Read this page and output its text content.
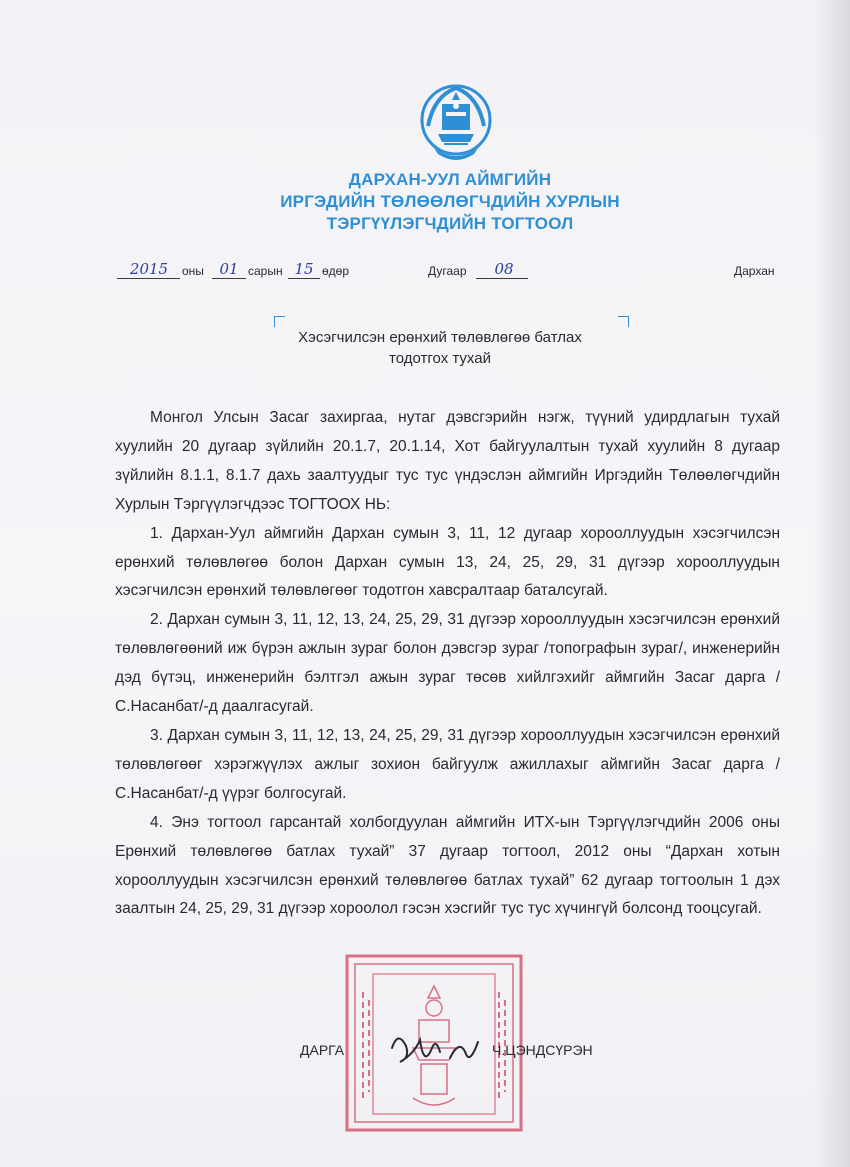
ДАРХАН-УУЛ АЙМГИЙН
ИРГЭДИЙН ТӨЛӨӨЛӨГЧДИЙН ХУРЛЫН
ТЭРГҮҮЛЭГЧДИЙН ТОГТООЛ
2015	оны	01 сарын 15 өдөр	Дугаар	08	Дархан
Хэсэгчилсэн ерөнхий төлөвлөгөө батлах
тодотгох тухай

Монгол Улсын Засаг захиргаа, нутаг дэвсгэрийн нэгж, түүний удирдлагын тухай хуулийн 20 дугаар зүйлийн 20.1.7, 20.1.14, Хот байгуулалтын тухай хуулийн 8 дугаар зүйлийн 8.1.1, 8.1.7 дахь заалтуудыг тус тус үндэслэн аймгийн Иргэдийн Төлөөлөгчдийн Хурлын Тэргүүлэгчдээс ТОГТООХ НЬ:

1. Дархан-Уул аймгийн Дархан сумын 3, 11, 12 дугаар хорооллуудын хэсэгчилсэн ерөнхий төлөвлөгөө болон Дархан сумын 13, 24, 25, 29, 31 дүгээр хорооллуудын хэсэгчилсэн ерөнхий төлөвлөгөөг тодотгон хавсралтаар баталсугай.

2. Дархан сумын 3, 11, 12, 13, 24, 25, 29, 31 дүгээр хорооллуудын хэсэгчилсэн ерөнхий төлөвлөгөөний иж бүрэн ажлын зураг болон дэвсгэр зураг /топографын зураг/, инженерийн дэд бүтэц, инженерийн бэлтгэл ажын зураг төсөв хийлгэхийг аймгийн Засаг дарга /С.Насанбат/-д даалгасугай.

3. Дархан сумын 3, 11, 12, 13, 24, 25, 29, 31 дүгээр хорооллуудын хэсэгчилсэн ерөнхий төлөвлөгөөг хэрэгжүүлэх ажлыг зохион байгуулж ажиллахыг аймгийн Засаг дарга /С.Насанбат/-д үүрэг болгосугай.

4. Энэ тогтоол гарсантай холбогдуулан аймгийн ИТХ-ын Тэргүүлэгчдийн 2006 оны Ерөнхий төлөвлөгөө батлах тухай” 37 дугаар тогтоол, 2012 оны “Дархан хотын хорооллуудын хэсэгчилсэн ерөнхий төлөвлөгөө батлах тухай” 62 дугаар тогтоолын 1 дэх заалтын 24, 25, 29, 31 дүгээр хороолол гэсэн хэсгийг тус тус хүчингүй болсонд тооцсугай.

ДАРГА	Ч.ЦЭНДСҮРЭН
